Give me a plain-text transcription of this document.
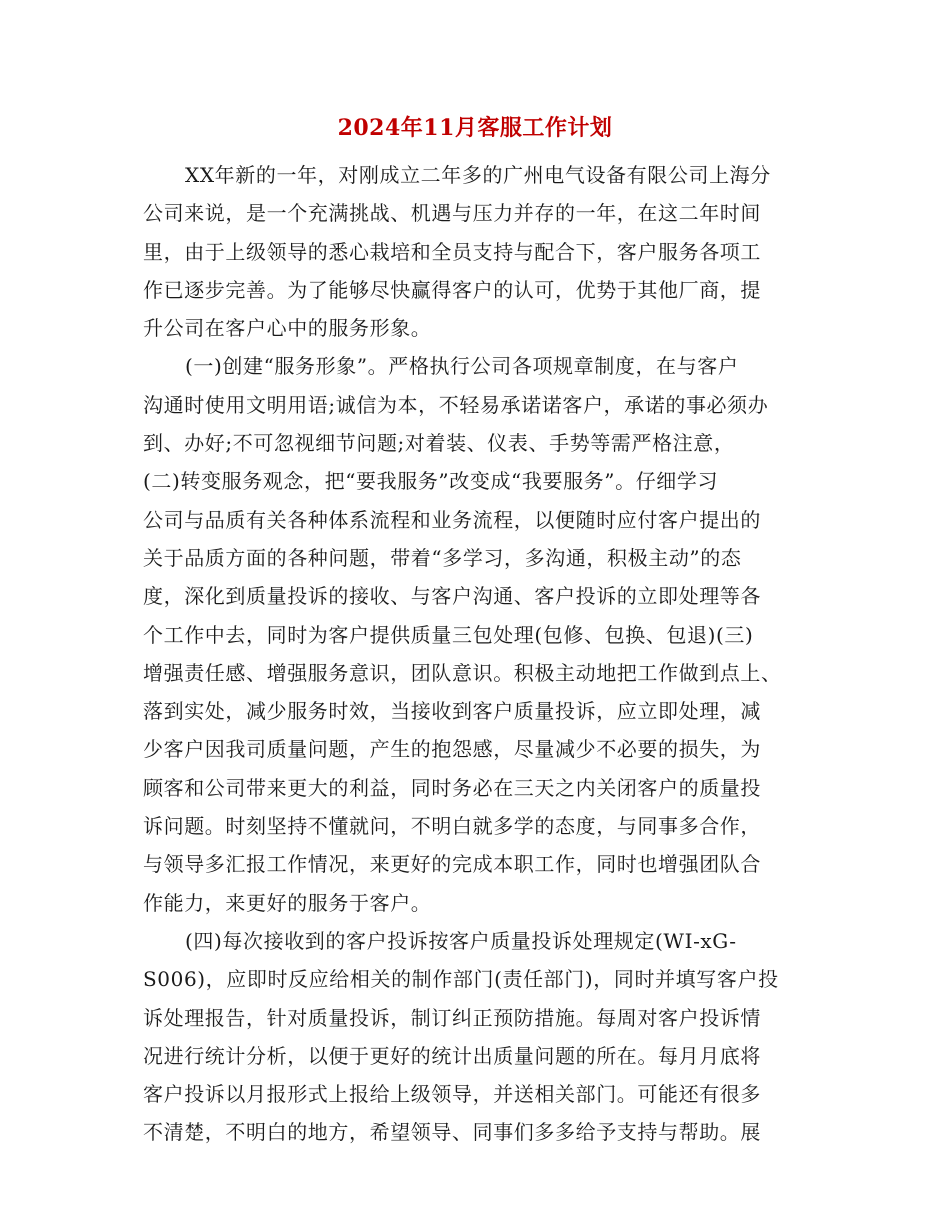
2024年11月客服工作计划
XX年新的一年，对刚成立二年多的广州电气设备有限公司上海分
公司来说，是一个充满挑战、机遇与压力并存的一年，在这二年时间
里，由于上级领导的悉心栽培和全员支持与配合下，客户服务各项工
作已逐步完善。为了能够尽快赢得客户的认可，优势于其他厂商，提
升公司在客户心中的服务形象。
(一)创建“服务形象”。严格执行公司各项规章制度，在与客户
沟通时使用文明用语;诚信为本，不轻易承诺诺客户，承诺的事必须办
到、办好;不可忽视细节问题;对着装、仪表、手势等需严格注意，
(二)转变服务观念，把“要我服务”改变成“我要服务”。仔细学习
公司与品质有关各种体系流程和业务流程，以便随时应付客户提出的
关于品质方面的各种问题，带着“多学习，多沟通，积极主动”的态
度，深化到质量投诉的接收、与客户沟通、客户投诉的立即处理等各
个工作中去，同时为客户提供质量三包处理(包修、包换、包退)(三)
增强责任感、增强服务意识，团队意识。积极主动地把工作做到点上、
落到实处，减少服务时效，当接收到客户质量投诉，应立即处理，减
少客户因我司质量问题，产生的抱怨感，尽量减少不必要的损失，为
顾客和公司带来更大的利益，同时务必在三天之内关闭客户的质量投
诉问题。时刻坚持不懂就问，不明白就多学的态度，与同事多合作，
与领导多汇报工作情况，来更好的完成本职工作，同时也增强团队合
作能力，来更好的服务于客户。
(四)每次接收到的客户投诉按客户质量投诉处理规定(WI-xG-
S006)，应即时反应给相关的制作部门(责任部门)，同时并填写客户投
诉处理报告，针对质量投诉，制订纠正预防措施。每周对客户投诉情
况进行统计分析，以便于更好的统计出质量问题的所在。每月月底将
客户投诉以月报形式上报给上级领导，并送相关部门。可能还有很多
不清楚，不明白的地方，希望领导、同事们多多给予支持与帮助。展
